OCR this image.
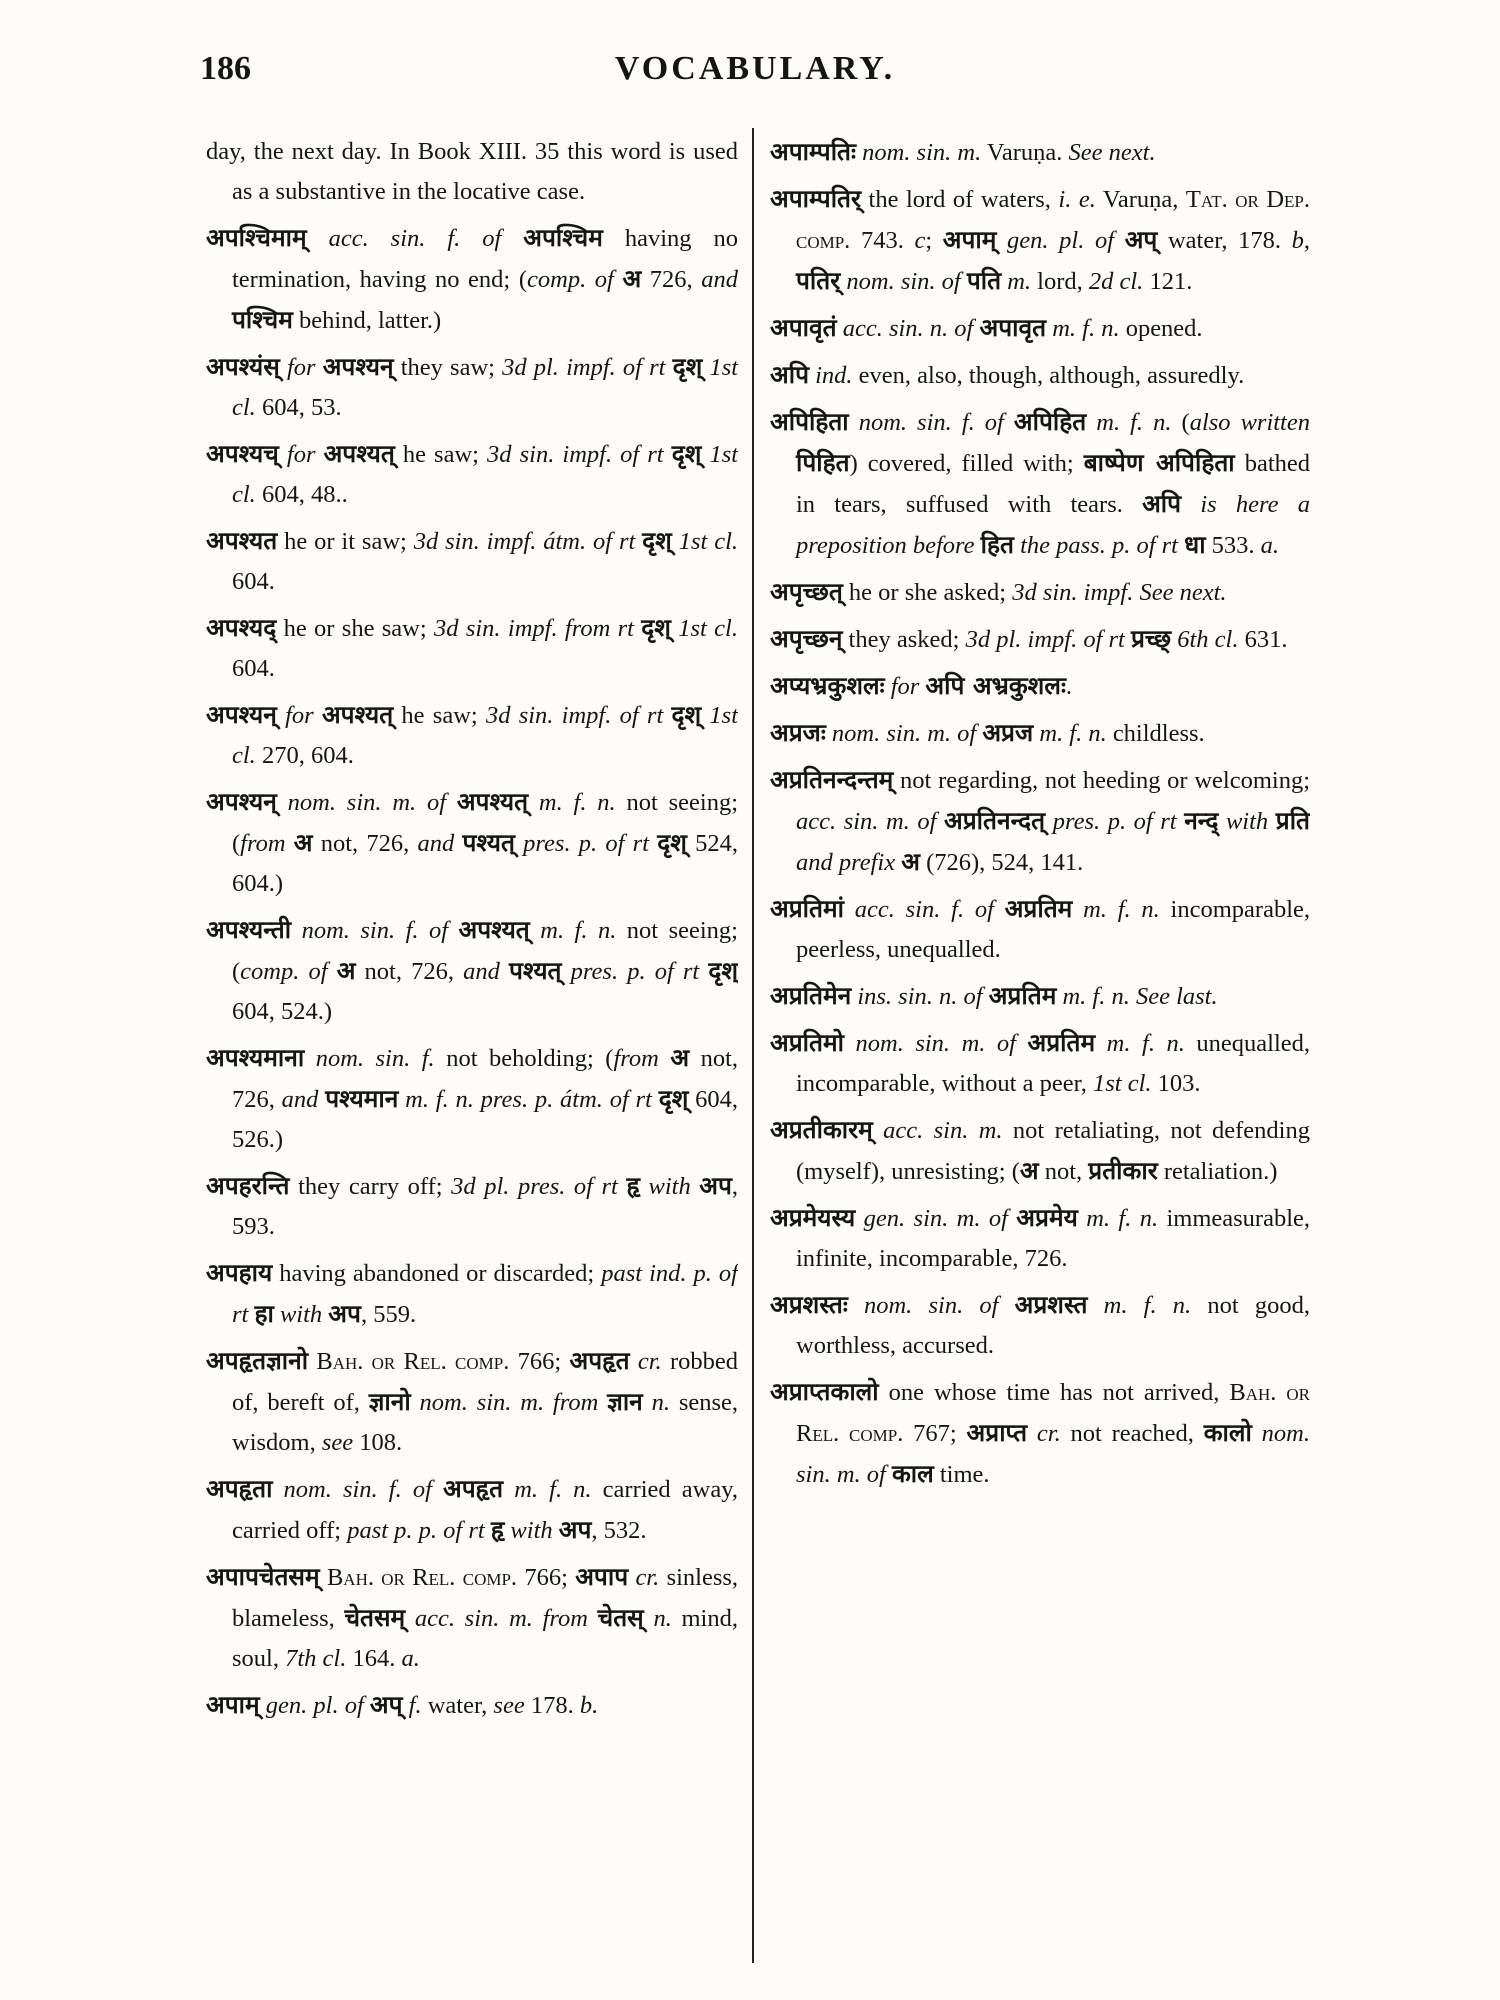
186	VOCABULARY.

day, the next day. In Book XIII. 35 this word is used as a substantive in the locative case.

अपश्चिमाम् acc. sin. f. of अपश्चिम having no termination, having no end; (comp. of अ 726, and पश्चिम behind, latter.)

अपश्यंस् for अपश्यन् they saw; 3d pl. impf. of rt दृश् 1st cl. 604, 53.

अपश्यच् for अपश्यत् he saw; 3d sin. impf. of rt दृश् 1st cl. 604, 48..

अपश्यत he or it saw; 3d sin. impf. átm. of rt दृश् 1st cl. 604.

अपश्यद् he or she saw; 3d sin. impf. from rt दृश् 1st cl. 604.

अपश्यन् for अपश्यत् he saw; 3d sin. impf. of rt दृश् 1st cl. 270, 604.

अपश्यन् nom. sin. m. of अपश्यत् m. f. n. not seeing; (from अ not, 726, and पश्यत् pres. p. of rt दृश् 524, 604.)

अपश्यन्ती nom. sin. f. of अपश्यत् m. f. n. not seeing; (comp. of अ not, 726, and पश्यत् pres. p. of rt दृश् 604, 524.)

अपश्यमाना nom. sin. f. not beholding; (from अ not, 726, and पश्यमान m. f. n. pres. p. átm. of rt दृश् 604, 526.)

अपहरन्ति they carry off; 3d pl. pres. of rt हृ with अप, 593.

अपहाय having abandoned or discarded; past ind. p. of rt हा with अप, 559.

अपहृतज्ञानो Bah. or Rel. comp. 766; अपहृत cr. robbed of, bereft of, ज्ञानो nom. sin. m. from ज्ञान n. sense, wisdom, see 108.

अपहृता nom. sin. f. of अपहृत m. f. n. carried away, carried off; past p. p. of rt हृ with अप, 532.

अपापचेतसम् Bah. or Rel. comp. 766; अपाप cr. sinless, blameless, चेतसम् acc. sin. m. from चेतस् n. mind, soul, 7th cl. 164. a.

अपाम् gen. pl. of अप् f. water, see 178. b.

अपाम्पतिः nom. sin. m. Varuṇa. See next.

अपाम्पतिर् the lord of waters, i. e. Varuṇa, Tat. or Dep. comp. 743. c; अपाम् gen. pl. of अप् water, 178. b, पतिर् nom. sin. of पति m. lord, 2d cl. 121.

अपावृतं acc. sin. n. of अपावृत m. f. n. opened.

अपि ind. even, also, though, although, assuredly.

अपिहिता nom. sin. f. of अपिहित m. f. n. (also written पिहित) covered, filled with; बाष्पेण अपिहिता bathed in tears, suffused with tears. अपि is here a preposition before हित the pass. p. of rt धा 533. a.

अपृच्छत् he or she asked; 3d sin. impf. See next.

अपृच्छन् they asked; 3d pl. impf. of rt प्रच्छ् 6th cl. 631.

अप्यभ्रकुशलः for अपि अभ्रकुशलः.

अप्रजः nom. sin. m. of अप्रज m. f. n. childless.

अप्रतिनन्दन्तम् not regarding, not heeding or welcoming; acc. sin. m. of अप्रतिनन्दत् pres. p. of rt नन्द् with प्रति and prefix अ (726), 524, 141.

अप्रतिमां acc. sin. f. of अप्रतिम m. f. n. incomparable, peerless, unequalled.

अप्रतिमेन ins. sin. n. of अप्रतिम m. f. n. See last.

अप्रतिमो nom. sin. m. of अप्रतिम m. f. n. unequalled, incomparable, without a peer, 1st cl. 103.

अप्रतीकारम् acc. sin. m. not retaliating, not defending (myself), unresisting; (अ not, प्रतीकार retaliation.)

अप्रमेयस्य gen. sin. m. of अप्रमेय m. f. n. immeasurable, infinite, incomparable, 726.

अप्रशस्तः nom. sin. of अप्रशस्त m. f. n. not good, worthless, accursed.

अप्राप्तकालो one whose time has not arrived, Bah. or Rel. comp. 767; अप्राप्त cr. not reached, कालो nom. sin. m. of काल time.
